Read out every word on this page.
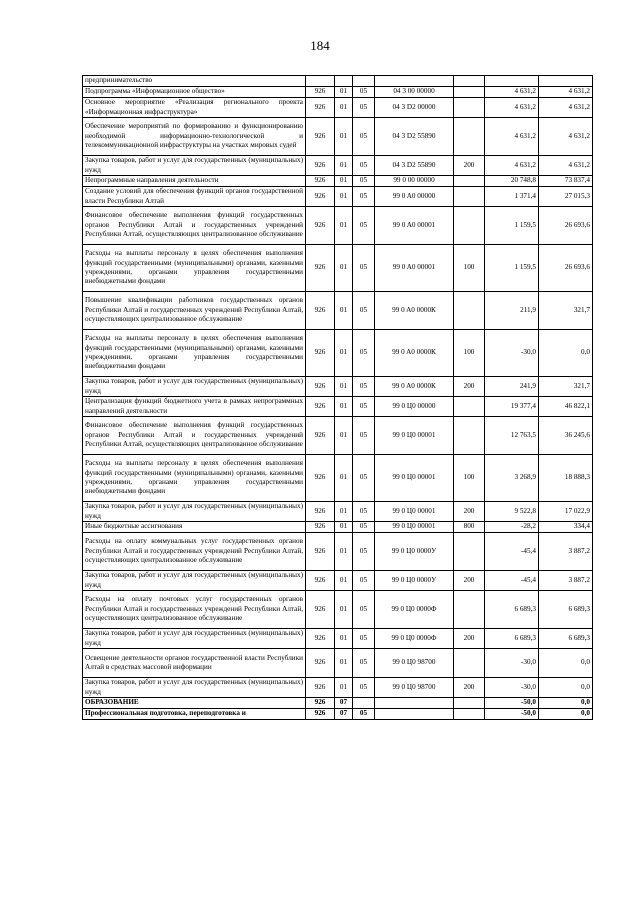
184
предпринимательство							
Подпрограмма «Информационное общество»	926	01	05	04 3 00 00000		4 631,2	4 631,2
Основное мероприятие «Реализация регионального проекта «Информационная инфраструктура»	926	01	05	04 3 D2 00000		4 631,2	4 631,2
Обеспечение мероприятий по формированию и функционированию необходимой информационно-технологической и телекоммуникационной инфраструктуры на участках мировых судей	926	01	05	04 3 D2 55890		4 631,2	4 631,2
Закупка товаров, работ и услуг для государственных (муниципальных) нужд	926	01	05	04 3 D2 55890	200	4 631,2	4 631,2
Непрограммные направления деятельности	926	01	05	99 0 00 00000		20 748,8	73 837,4
Создание условий для обеспечения функций органов государственной власти Республики Алтай	926	01	05	99 0 A0 00000		1 371,4	27 015,3
Финансовое обеспечение выполнения функций государственных органов Республики Алтай и государственных учреждений Республики Алтай, осуществляющих централизованное обслуживание	926	01	05	99 0 A0 00001		1 159,5	26 693,6
Расходы на выплаты персоналу в целях обеспечения выполнения функций государственными (муниципальными) органами, казенными учреждениями, органами управления государственными внебюджетными фондами	926	01	05	99 0 A0 00001	100	1 159,5	26 693,6
Повышение квалификации работников государственных органов Республики Алтай и государственных учреждений Республики Алтай, осуществляющих централизованное обслуживание	926	01	05	99 0 A0 0000К		211,9	321,7
Расходы на выплаты персоналу в целях обеспечения выполнения функций государственными (муниципальными) органами, казенными учреждениями, органами управления государственными внебюджетными фондами	926	01	05	99 0 A0 0000К	100	-30,0	0,0
Закупка товаров, работ и услуг для государственных (муниципальных) нужд	926	01	05	99 0 A0 0000К	200	241,9	321,7
Централизация функций бюджетного учета в рамках непрограммных направлений деятельности	926	01	05	99 0 Ц0 00000		19 377,4	46 822,1
Финансовое обеспечение выполнения функций государственных органов Республики Алтай и государственных учреждений Республики Алтай, осуществляющих централизованное обслуживание	926	01	05	99 0 Ц0 00001		12 763,5	36 245,6
Расходы на выплаты персоналу в целях обеспечения выполнения функций государственными (муниципальными) органами, казенными учреждениями, органами управления государственными внебюджетными фондами	926	01	05	99 0 Ц0 00001	100	3 268,9	18 888,3
Закупка товаров, работ и услуг для государственных (муниципальных) нужд	926	01	05	99 0 Ц0 00001	200	9 522,8	17 022,9
Иные бюджетные ассигнования	926	01	05	99 0 Ц0 00001	800	-28,2	334,4
Расходы на оплату коммунальных услуг государственных органов Республики Алтай и государственных учреждений Республики Алтай, осуществляющих централизованное обслуживание	926	01	05	99 0 Ц0 0000У		-45,4	3 887,2
Закупка товаров, работ и услуг для государственных (муниципальных) нужд	926	01	05	99 0 Ц0 0000У	200	-45,4	3 887,2
Расходы на оплату почтовых услуг государственных органов Республики Алтай и государственных учреждений Республики Алтай, осуществляющих централизованное обслуживание	926	01	05	99 0 Ц0 0000Ф		6 689,3	6 689,3
Закупка товаров, работ и услуг для государственных (муниципальных) нужд	926	01	05	99 0 Ц0 0000Ф	200	6 689,3	6 689,3
Освещение деятельности органов государственной власти Республики Алтай в средствах массовой информации	926	01	05	99 0 Ц0 98700		-30,0	0,0
Закупка товаров, работ и услуг для государственных (муниципальных) нужд	926	01	05	99 0 Ц0 98700	200	-30,0	0,0
ОБРАЗОВАНИЕ	926	07				-50,0	0,0
Профессиональная подготовка, переподготовка и	926	07	05			-50,0	0,0
